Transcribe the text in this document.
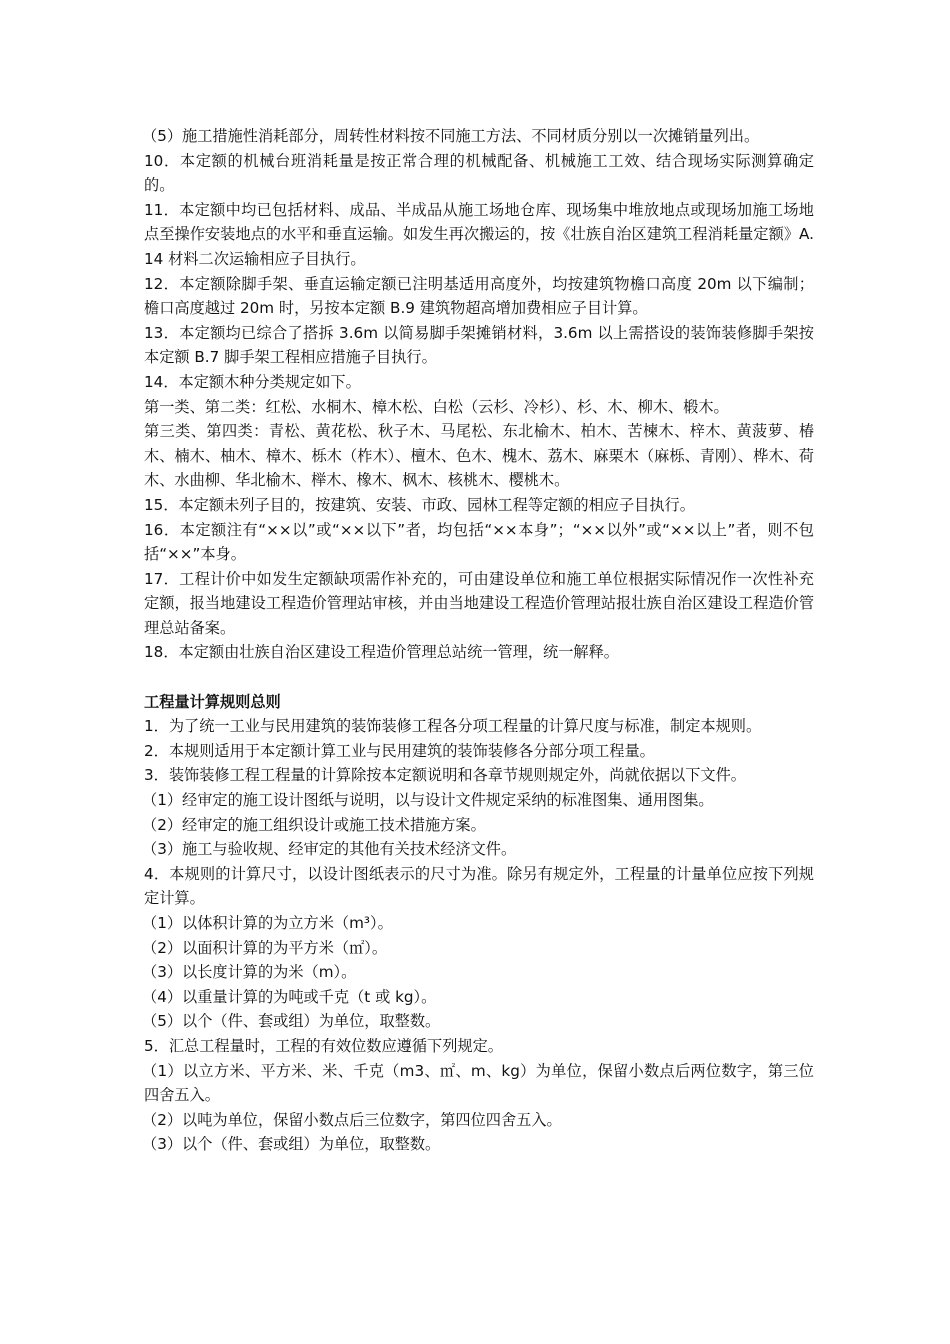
（5）施工措施性消耗部分，周转性材料按不同施工方法、不同材质分别以一次摊销量列出。

10．本定额的机械台班消耗量是按正常合理的机械配备、机械施工工效、结合现场实际测算确定的。

11．本定额中均已包括材料、成品、半成品从施工场地仓库、现场集中堆放地点或现场加施工场地点至操作安装地点的水平和垂直运输。如发生再次搬运的，按《壮族自治区建筑工程消耗量定额》A.14 材料二次运输相应子目执行。

12．本定额除脚手架、垂直运输定额已注明基适用高度外，均按建筑物檐口高度 20m 以下编制；檐口高度越过 20m 时，另按本定额 B.9 建筑物超高增加费相应子目计算。

13．本定额均已综合了搭拆 3.6m 以简易脚手架摊销材料，3.6m 以上需搭设的装饰装修脚手架按本定额 B.7 脚手架工程相应措施子目执行。

14．本定额木种分类规定如下。

第一类、第二类：红松、水桐木、樟木松、白松（云杉、冷杉）、杉、木、柳木、椴木。

第三类、第四类：青松、黄花松、秋子木、马尾松、东北榆木、柏木、苦楝木、梓木、黄菠萝、椿木、楠木、柚木、樟木、栎木（柞木）、檀木、色木、槐木、荔木、麻栗木（麻栎、青刚）、桦木、荷木、水曲柳、华北榆木、榉木、橡木、枫木、核桃木、樱桃木。

15．本定额未列子目的，按建筑、安装、市政、园林工程等定额的相应子目执行。

16．本定额注有“××以”或“××以下”者，均包括“××本身”；“××以外”或“××以上”者，则不包括“××”本身。

17．工程计价中如发生定额缺项需作补充的，可由建设单位和施工单位根据实际情况作一次性补充定额，报当地建设工程造价管理站审核，并由当地建设工程造价管理站报壮族自治区建设工程造价管理总站备案。

18．本定额由壮族自治区建设工程造价管理总站统一管理，统一解释。

工程量计算规则总则

1．为了统一工业与民用建筑的装饰装修工程各分项工程量的计算尺度与标准，制定本规则。

2．本规则适用于本定额计算工业与民用建筑的装饰装修各分部分项工程量。

3．装饰装修工程工程量的计算除按本定额说明和各章节规则规定外，尚就依据以下文件。

（1）经审定的施工设计图纸与说明，以与设计文件规定采纳的标准图集、通用图集。

（2）经审定的施工组织设计或施工技术措施方案。

（3）施工与验收规、经审定的其他有关技术经济文件。

4．本规则的计算尺寸，以设计图纸表示的尺寸为准。除另有规定外，工程量的计量单位应按下列规定计算。

（1）以体积计算的为立方米（m³）。

（2）以面积计算的为平方米（㎡）。

（3）以长度计算的为米（m）。

（4）以重量计算的为吨或千克（t 或 kg）。

（5）以个（件、套或组）为单位，取整数。

5．汇总工程量时，工程的有效位数应遵循下列规定。

（1）以立方米、平方米、米、千克（m3、㎡、m、kg）为单位，保留小数点后两位数字，第三位四舍五入。

（2）以吨为单位，保留小数点后三位数字，第四位四舍五入。

（3）以个（件、套或组）为单位，取整数。
